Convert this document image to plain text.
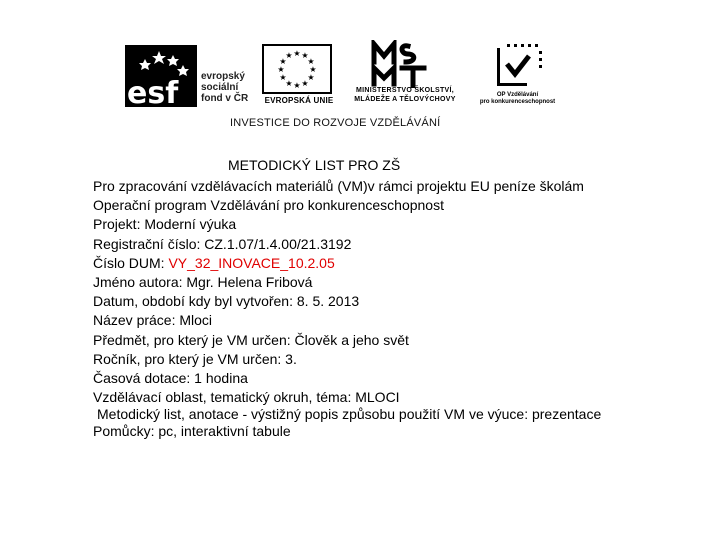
esf evropský
sociální
fond v ČR
★ ★
★
★
★
★
★
★
★
★
★
★
EVROPSKÁ UNIE
MINISTERSTVO ŠKOLSTVÍ,
MLÁDEŽE A TĚLOVÝCHOVY
OP Vzdělávání
pro konkurenceschopnost
INVESTICE DO ROZVOJE VZDĚLÁVÁNÍ
METODICKÝ LIST PRO ZŠ
Pro zpracování vzdělávacích materiálů (VM)v rámci projektu EU peníze školám
Operační program Vzdělávání pro konkurenceschopnost
Projekt: Moderní výuka
Registrační číslo: CZ.1.07/1.4.00/21.3192
Číslo DUM: VY_32_INOVACE_10.2.05
Jméno autora: Mgr. Helena Fribová
Datum, období kdy byl vytvořen: 8. 5. 2013
Název práce: Mloci
Předmět, pro který je VM určen: Člověk a jeho svět
Ročník, pro který je VM určen: 3.
Časová dotace: 1 hodina
Vzdělávací oblast, tematický okruh, téma: MLOCI
Metodický list, anotace - výstižný popis způsobu použití VM ve výuce: prezentace
Pomůcky: pc, interaktivní tabule
